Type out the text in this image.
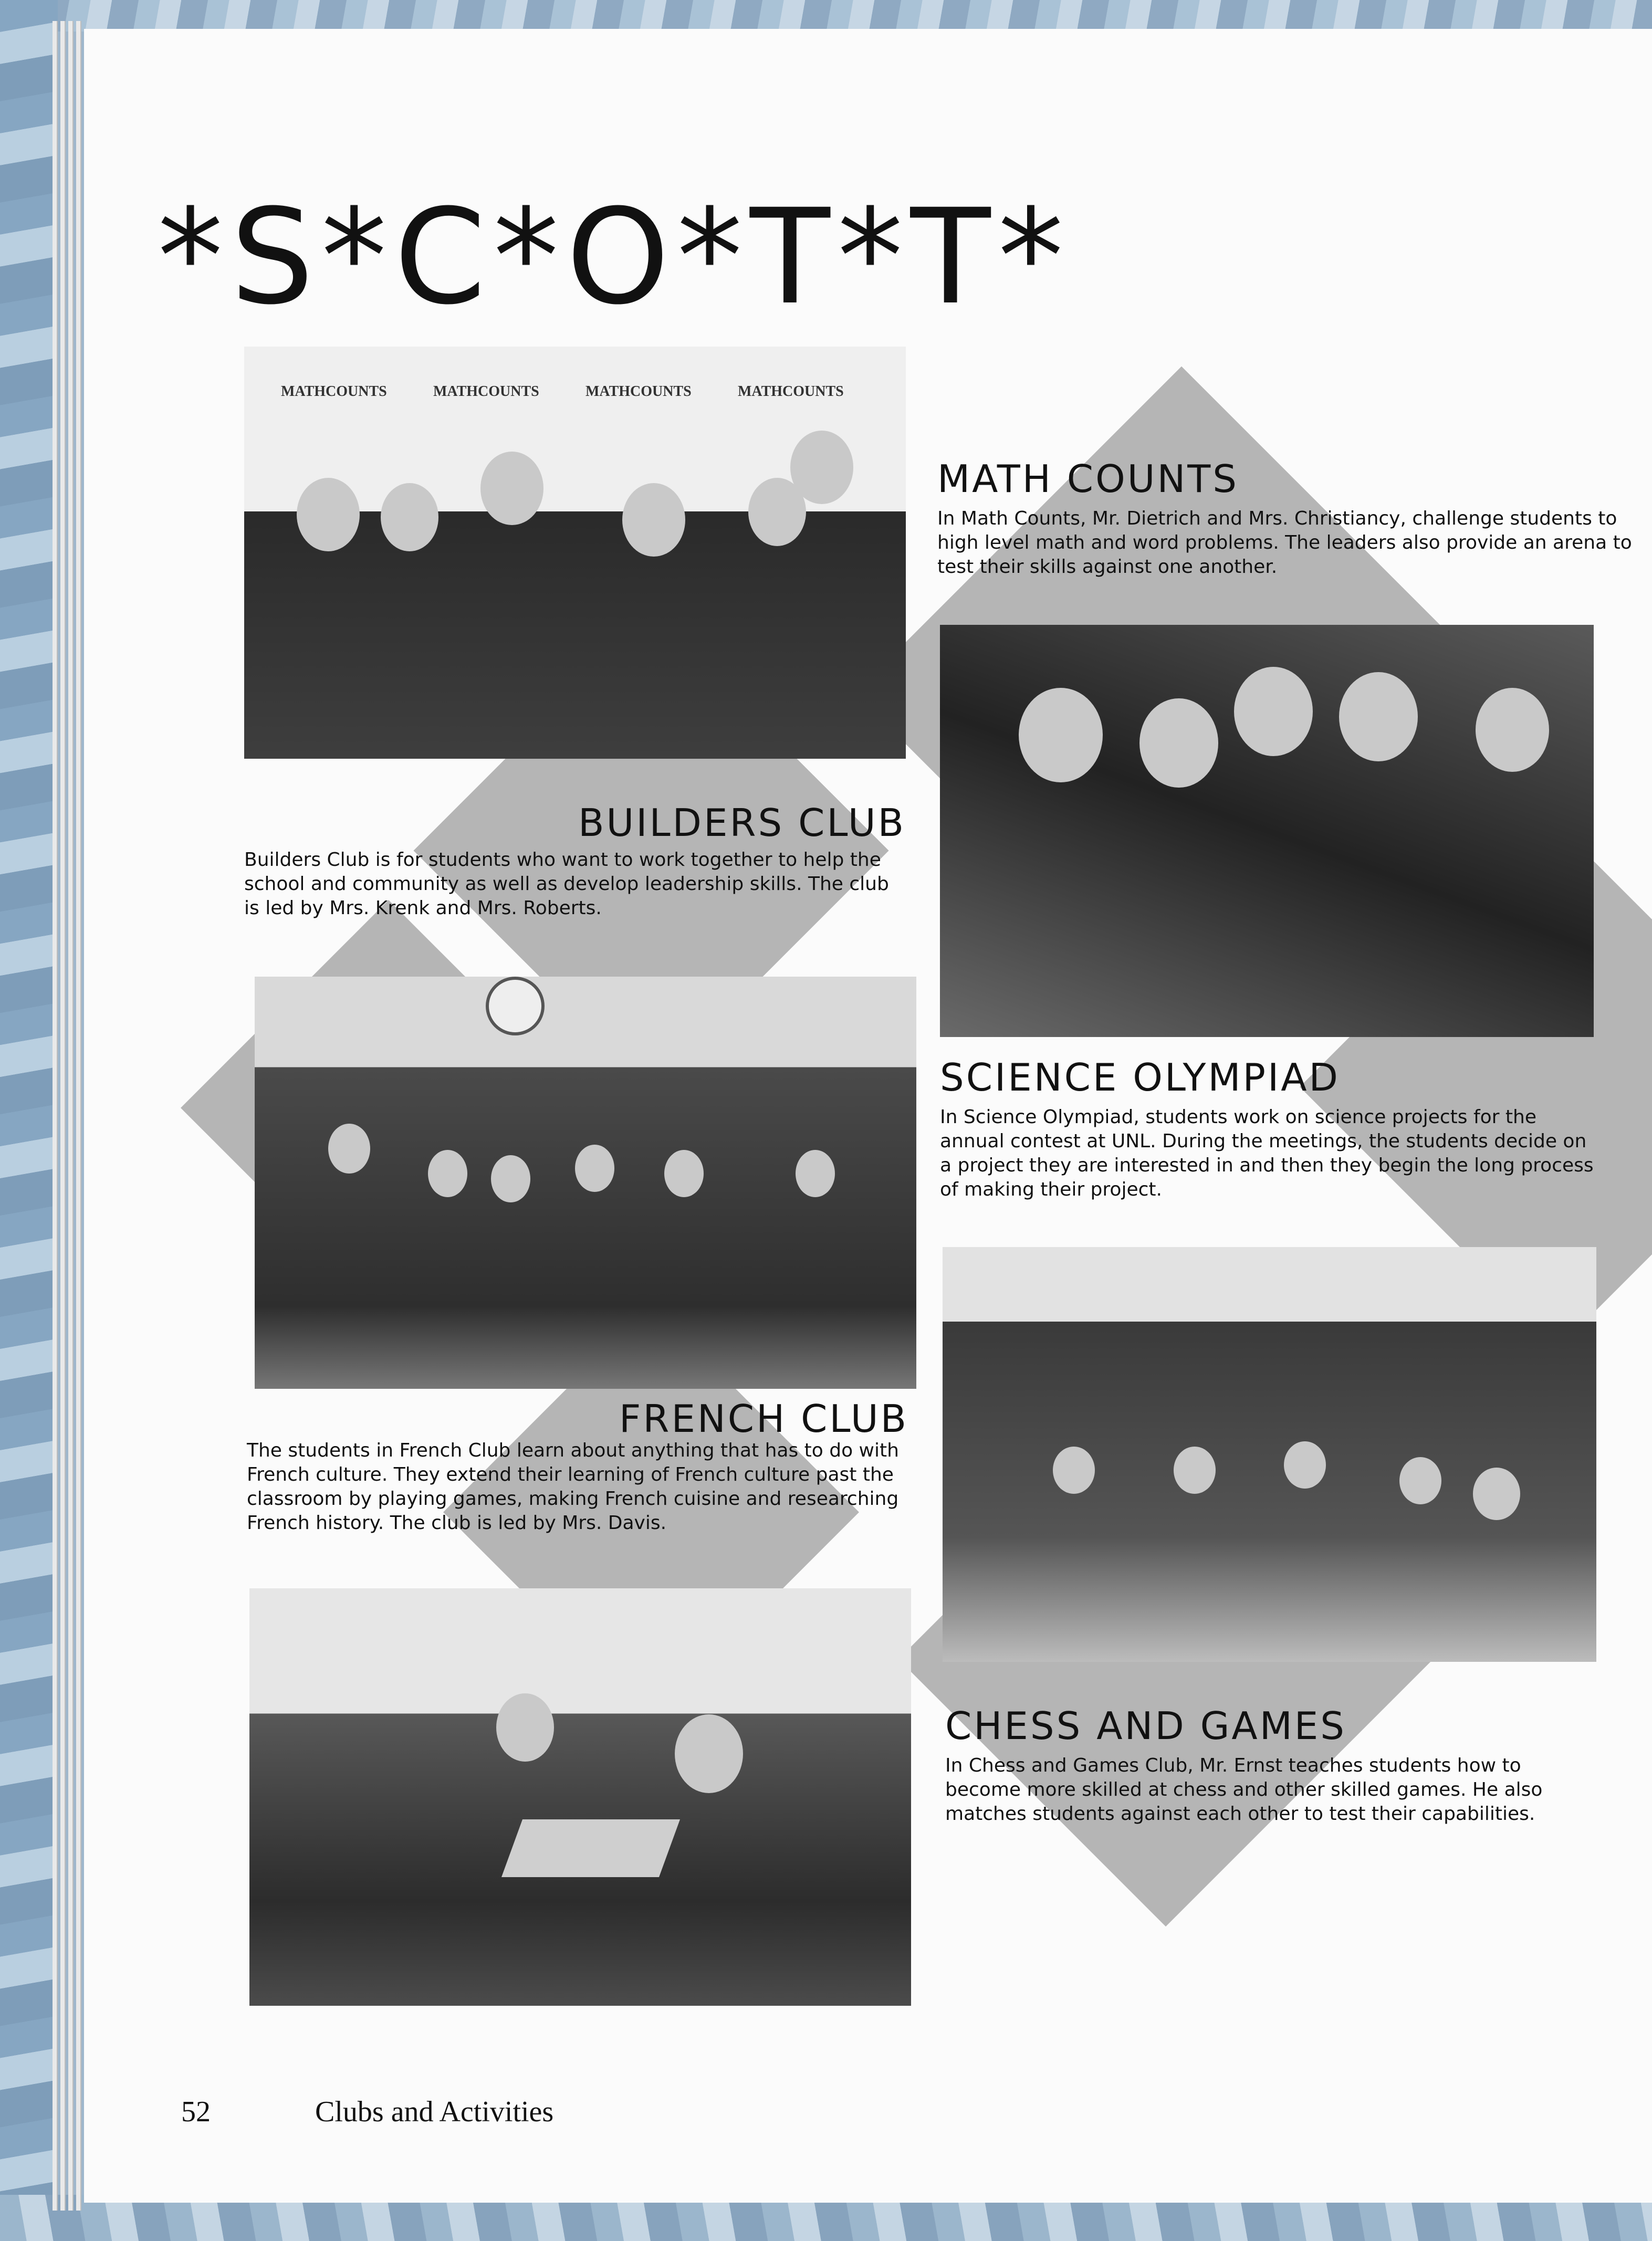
*S*C*O*T*T*
MATHCOUNTS	MATHCOUNTS	MATHCOUNTS	MATHCOUNTS
MATH COUNTS
In Math Counts, Mr. Dietrich and Mrs. Christiancy, challenge students to high level math and word problems. The leaders also provide an arena to test their skills against one another.
BUILDERS CLUB
Builders Club is for students who want to work together to help the school and community as well as develop leadership skills. The club is led by Mrs. Krenk and Mrs. Roberts.
SCIENCE OLYMPIAD
In Science Olympiad, students work on science projects for the annual contest at UNL. During the meetings, the students decide on a project they are interested in and then they begin the long process of making their project.
FRENCH CLUB
The students in French Club learn about anything that has to do with French culture. They extend their learning of French culture past the classroom by playing games, making French cuisine and researching French history. The club is led by Mrs. Davis.
CHESS AND GAMES
In Chess and Games Club, Mr. Ernst teaches students how to become more skilled at chess and other skilled games. He also matches students against each other to test their capabilities.
52	Clubs and Activities
